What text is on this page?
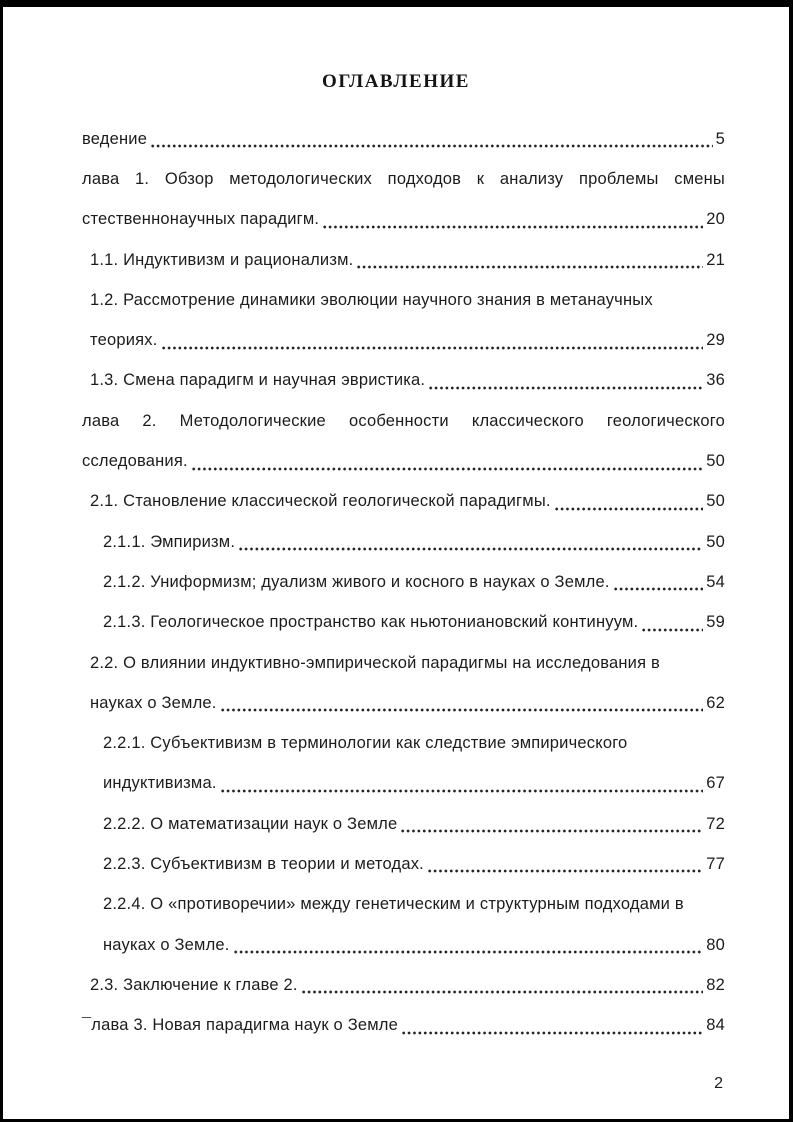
ОГЛАВЛЕНИЕ
ведение	5
лава 1. Обзор методологических подходов к анализу проблемы смены
стественнонаучных парадигм.	20
1.1. Индуктивизм и рационализм.	21
1.2. Рассмотрение динамики эволюции научного знания в метанаучных
теориях.	29
1.3. Смена парадигм и научная эвристика.	36
лава 2. Методологические особенности классического геологического
сследования.	50
2.1. Становление классической геологической парадигмы.	50
2.1.1. Эмпиризм.	50
2.1.2. Униформизм; дуализм живого и косного в науках о Земле.	54
2.1.3. Геологическое пространство как ньютониановский континуум.	59
2.2. О влиянии индуктивно-эмпирической парадигмы на исследования в
науках о Земле.	62
2.2.1. Субъективизм в терминологии как следствие эмпирического
индуктивизма.	67
2.2.2. О математизации наук о Земле	72
2.2.3. Субъективизм в теории и методах.	77
2.2.4. О «противоречии» между генетическим и структурным подходами в
науках о Земле.	80
2.3. Заключение к главе 2.	82
¯лава 3. Новая парадигма наук о Земле	84
2
